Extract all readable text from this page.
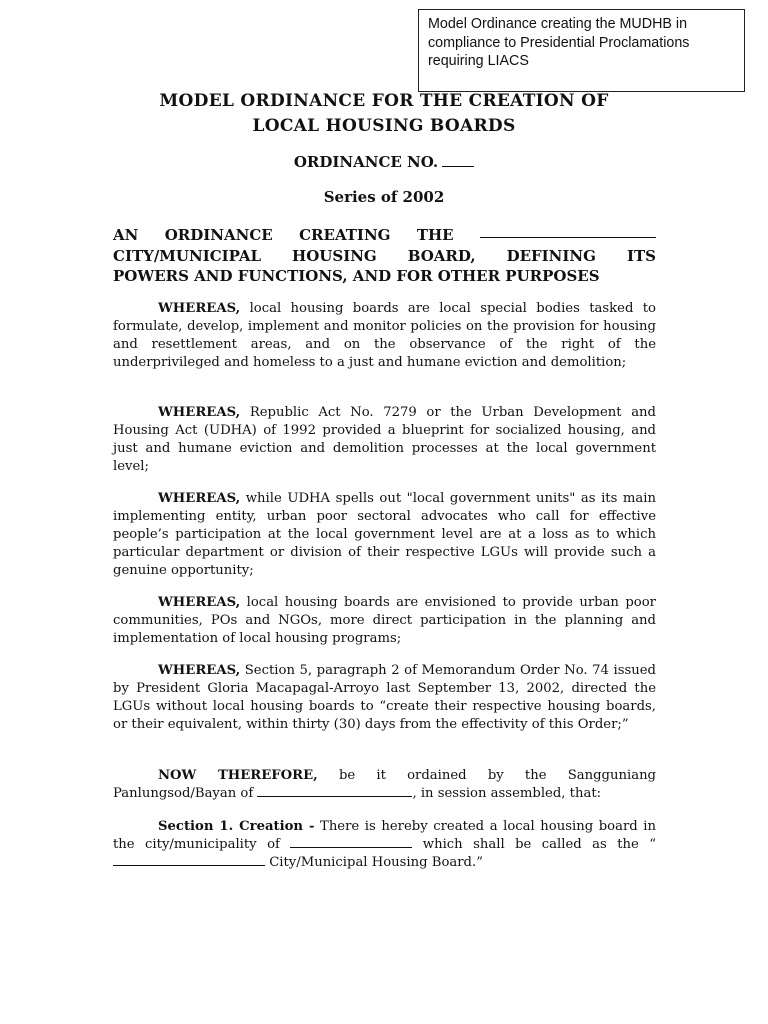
Model Ordinance creating the MUDHB in compliance to Presidential Proclamations requiring LIACS
MODEL ORDINANCE FOR THE CREATION OF
LOCAL HOUSING BOARDS
ORDINANCE NO.
Series of 2002
AN ORDINANCE CREATING THE
CITY/MUNICIPAL HOUSING BOARD, DEFINING ITS
POWERS AND FUNCTIONS, AND FOR OTHER PURPOSES

WHEREAS, local housing boards are local special bodies tasked to formulate, develop, implement and monitor policies on the provision for housing and resettlement areas, and on the observance of the right of the underprivileged and homeless to a just and humane eviction and demolition;

WHEREAS, Republic Act No. 7279 or the Urban Development and Housing Act (UDHA) of 1992 provided a blueprint for socialized housing, and just and humane eviction and demolition processes at the local government level;

WHEREAS, while UDHA spells out "local government units" as its main implementing entity, urban poor sectoral advocates who call for effective people’s participation at the local government level are at a loss as to which particular department or division of their respective LGUs will provide such a genuine opportunity;

WHEREAS, local housing boards are envisioned to provide urban poor communities, POs and NGOs, more direct participation in the planning and implementation of local housing programs;

WHEREAS, Section 5, paragraph 2 of Memorandum Order No. 74 issued by President Gloria Macapagal-Arroyo last September 13, 2002, directed the LGUs without local housing boards to “create their respective housing boards, or their equivalent, within thirty (30) days from the effectivity of this Order;”

NOW THEREFORE, be it ordained by the Sangguniang Panlungsod/Bayan of	, in session assembled, that:

Section 1. Creation - There is hereby created a local housing board in the city/municipality of	which shall be called as the “ City/Municipal Housing Board.”
